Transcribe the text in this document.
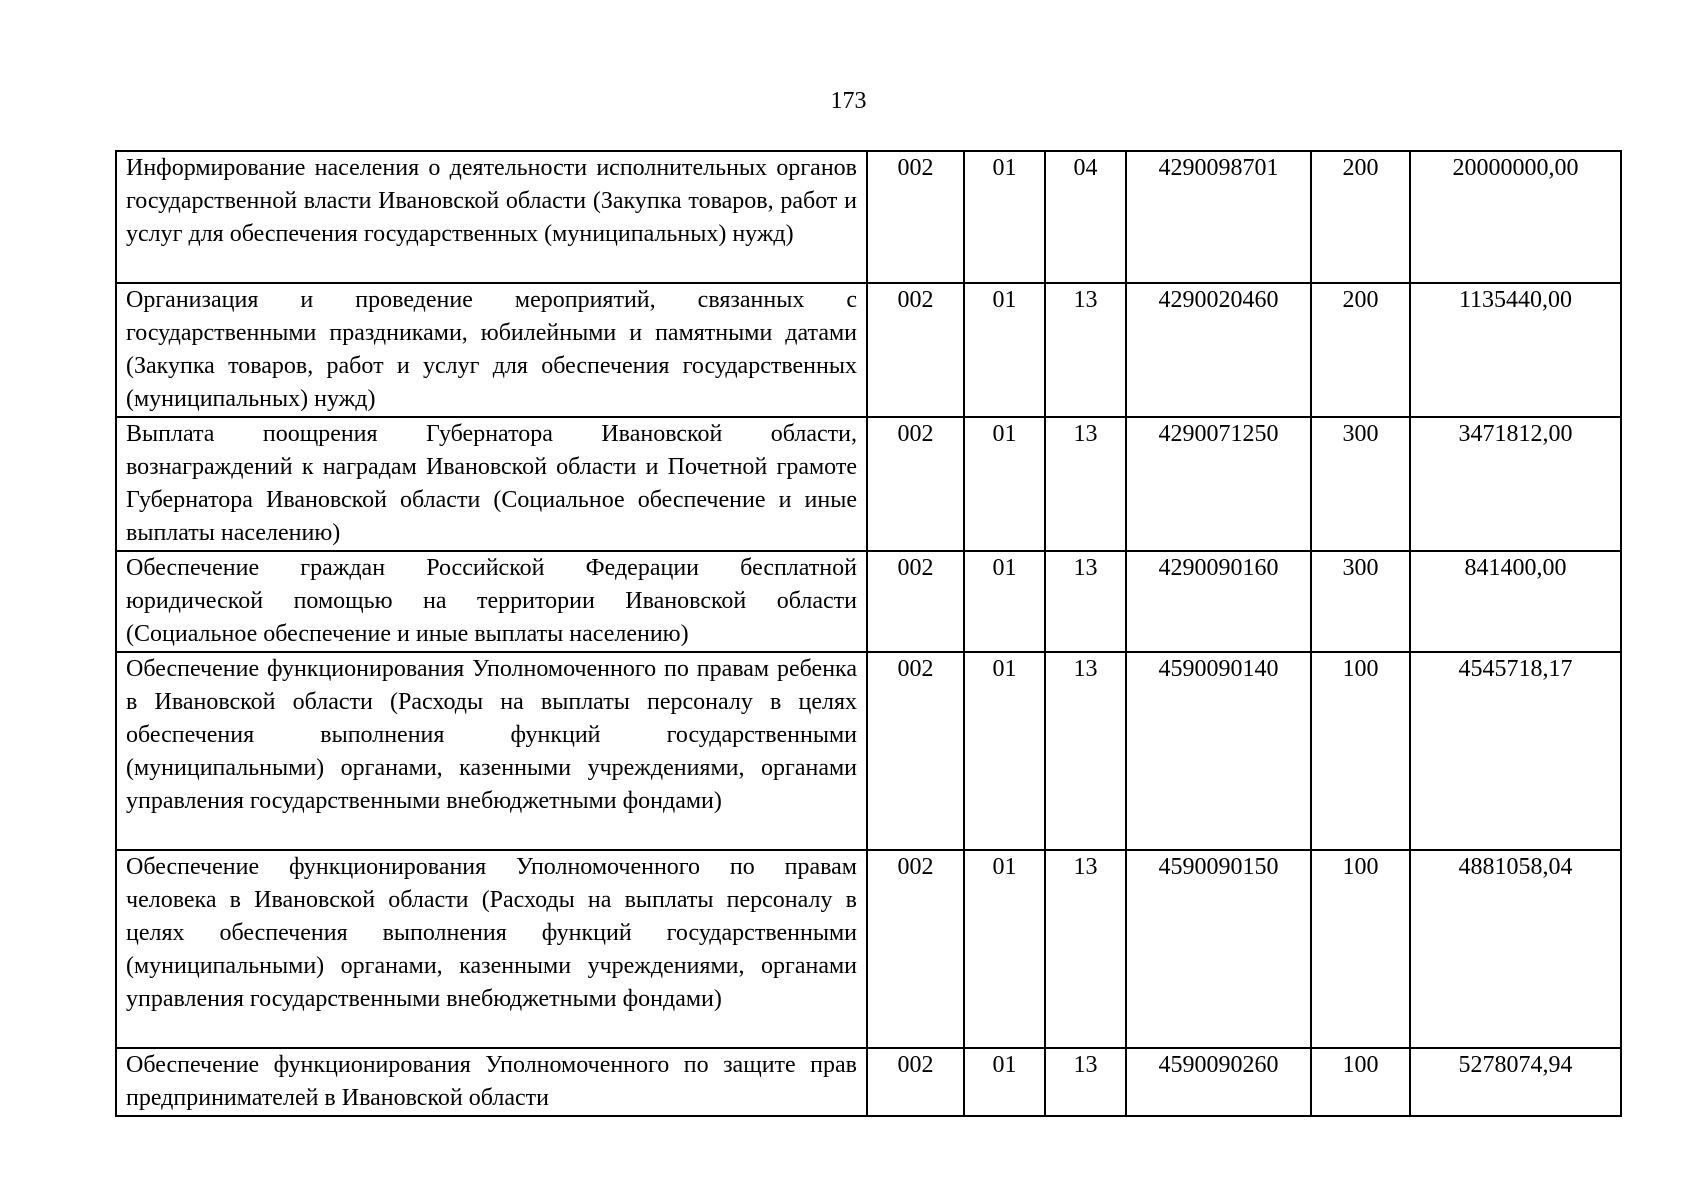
173
Информирование населения о деятельности исполнительных органов государственной власти Ивановской области (Закупка товаров, работ и услуг для обеспечения государственных (муниципальных) нужд)	002	01	04	4290098701	200	20000000,00
Организация и проведение мероприятий, связанных с государственными праздниками, юбилейными и памятными датами (Закупка товаров, работ и услуг для обеспечения государственных (муниципальных) нужд)	002	01	13	4290020460	200	1135440,00
Выплата поощрения Губернатора Ивановской области, вознаграждений к наградам Ивановской области и Почетной грамоте Губернатора Ивановской области (Социальное обеспечение и иные выплаты населению)	002	01	13	4290071250	300	3471812,00
Обеспечение граждан Российской Федерации бесплатной юридической помощью на территории Ивановской области (Социальное обеспечение и иные выплаты населению)	002	01	13	4290090160	300	841400,00
Обеспечение функционирования Уполномоченного по правам ребенка в Ивановской области (Расходы на выплаты персоналу в целях обеспечения выполнения функций государственными (муниципальными) органами, казенными учреждениями, органами управления государственными внебюджетными фондами)	002	01	13	4590090140	100	4545718,17
Обеспечение функционирования Уполномоченного по правам человека в Ивановской области (Расходы на выплаты персоналу в целях обеспечения выполнения функций государственными (муниципальными) органами, казенными учреждениями, органами управления государственными внебюджетными фондами)	002	01	13	4590090150	100	4881058,04
Обеспечение функционирования Уполномоченного по защите прав предпринимателей в Ивановской области	002	01	13	4590090260	100	5278074,94
